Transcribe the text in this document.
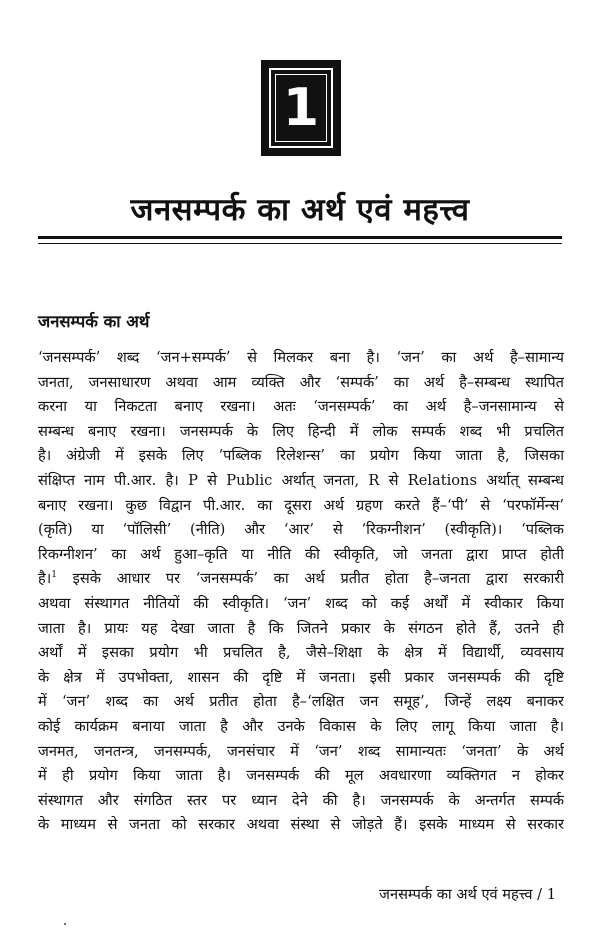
1
जनसम्पर्क का अर्थ एवं महत्त्व
जनसम्पर्क का अर्थ
‘जनसम्पर्क’ शब्द ‘जन+सम्पर्क’ से मिलकर बना है। ‘जन’ का अर्थ है–सामान्य
जनता, जनसाधारण अथवा आम व्यक्ति और ‘सम्पर्क’ का अर्थ है–सम्बन्ध स्थापित
करना या निकटता बनाए रखना। अतः ‘जनसम्पर्क’ का अर्थ है–जनसामान्य से
सम्बन्ध बनाए रखना। जनसम्पर्क के लिए हिन्दी में लोक सम्पर्क शब्द भी प्रचलित
है। अंग्रेजी में इसके लिए ‘पब्लिक रिलेशन्स’ का प्रयोग किया जाता है, जिसका
संक्षिप्त नाम पी.आर. है। P से Public अर्थात् जनता, R से Relations अर्थात् सम्बन्ध
बनाए रखना। कुछ विद्वान पी.आर. का दूसरा अर्थ ग्रहण करते हैं–‘पी’ से ‘परफॉर्मेन्स’
(कृति) या ‘पॉलिसी’ (नीति) और ‘आर’ से ‘रिकग्नीशन’ (स्वीकृति)। ‘पब्लिक
रिकग्नीशन’ का अर्थ हुआ–कृति या नीति की स्वीकृति, जो जनता द्वारा प्राप्त होती
है।$^1$ इसके आधार पर ‘जनसम्पर्क’ का अर्थ प्रतीत होता है–जनता द्वारा सरकारी
अथवा संस्थागत नीतियों की स्वीकृति। ‘जन’ शब्द को कई अर्थों में स्वीकार किया
जाता है। प्रायः यह देखा जाता है कि जितने प्रकार के संगठन होते हैं, उतने ही
अर्थों में इसका प्रयोग भी प्रचलित है, जैसे–शिक्षा के क्षेत्र में विद्यार्थी, व्यवसाय
के क्षेत्र में उपभोक्ता, शासन की दृष्टि में जनता। इसी प्रकार जनसम्पर्क की दृष्टि
में ‘जन’ शब्द का अर्थ प्रतीत होता है–‘लक्षित जन समूह’, जिन्हें लक्ष्य बनाकर
कोई कार्यक्रम बनाया जाता है और उनके विकास के लिए लागू किया जाता है।
जनमत, जनतन्त्र, जनसम्पर्क, जनसंचार में ‘जन’ शब्द सामान्यतः ‘जनता’ के अर्थ
में ही प्रयोग किया जाता है। जनसम्पर्क की मूल अवधारणा व्यक्तिगत न होकर
संस्थागत और संगठित स्तर पर ध्यान देने की है। जनसम्पर्क के अन्तर्गत सम्पर्क
के माध्यम से जनता को सरकार अथवा संस्था से जोड़ते हैं। इसके माध्यम से सरकार
जनसम्पर्क का अर्थ एवं महत्त्व / 1
